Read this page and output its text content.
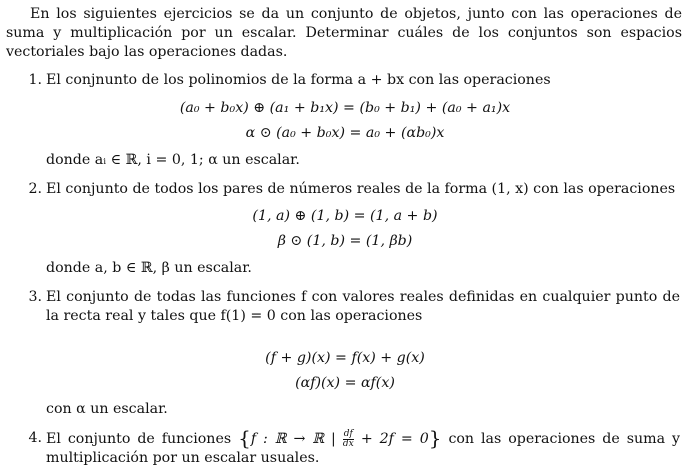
En los siguientes ejercicios se da un conjunto de objetos, junto con las operaciones de suma y multiplicación por un escalar. Determinar cuáles de los conjuntos son espacios vectoriales bajo las operaciones dadas.

1. El conjnunto de los polinomios de la forma a + bx con las operaciones
(a₀ + b₀x) ⊕ (a₁ + b₁x) = (b₀ + b₁) + (a₀ + a₁)x
α ⊙ (a₀ + b₀x) = a₀ + (αb₀)x
donde aᵢ ∈ ℝ, i = 0, 1; α un escalar.
2. El conjunto de todos los pares de números reales de la forma (1, x) con las operaciones
(1, a) ⊕ (1, b) = (1, a + b)
β ⊙ (1, b) = (1, βb)
donde a, b ∈ ℝ, β un escalar.
3. El conjunto de todas las funciones f con valores reales definidas en cualquier punto de la recta real y tales que f(1) = 0 con las operaciones
(f + g)(x) = f(x) + g(x)
(αf)(x) = αf(x)
con α un escalar.
4. El conjunto de funciones {f : ℝ → ℝ | $\frac{df}{dx} + 2f = 0$} con las operaciones de suma y multiplicación por un escalar usuales.
